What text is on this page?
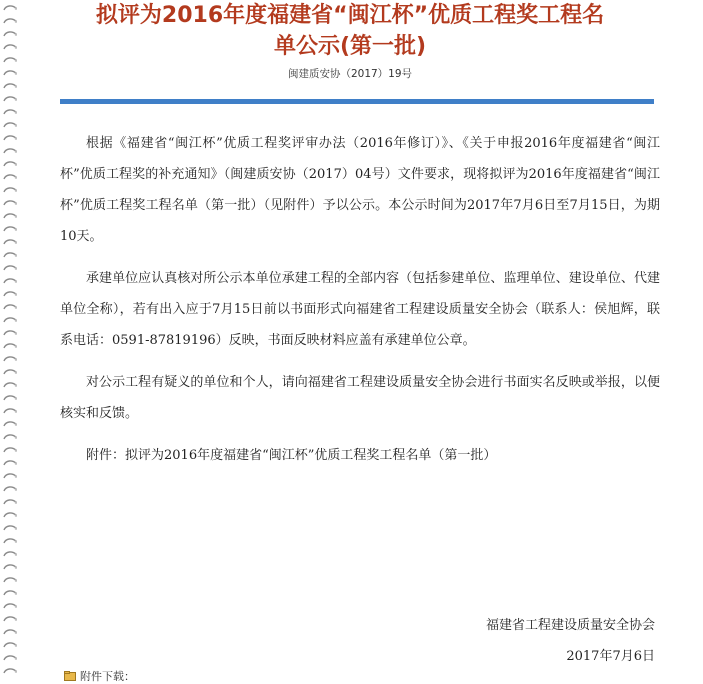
拟评为2016年度福建省“闽江杯”优质工程奖工程名
单公示(第一批)
闽建质安协（2017）19号

根据《福建省“闽江杯”优质工程奖评审办法（2016年修订）》、《关于申报2016年度福建省“闽江杯”优质工程奖的补充通知》（闽建质安协（2017）04号）文件要求，现将拟评为2016年度福建省“闽江杯”优质工程奖工程名单（第一批）（见附件）予以公示。本公示时间为2017年7月6日至7月15日，为期10天。

承建单位应认真核对所公示本单位承建工程的全部内容（包括参建单位、监理单位、建设单位、代建单位全称），若有出入应于7月15日前以书面形式向福建省工程建设质量安全协会（联系人：侯旭辉，联系电话：0591-87819196）反映，书面反映材料应盖有承建单位公章。

对公示工程有疑义的单位和个人，请向福建省工程建设质量安全协会进行书面实名反映或举报，以便核实和反馈。

附件：拟评为2016年度福建省“闽江杯”优质工程奖工程名单（第一批）

福建省工程建设质量安全协会
2017年7月6日
附件下载：
